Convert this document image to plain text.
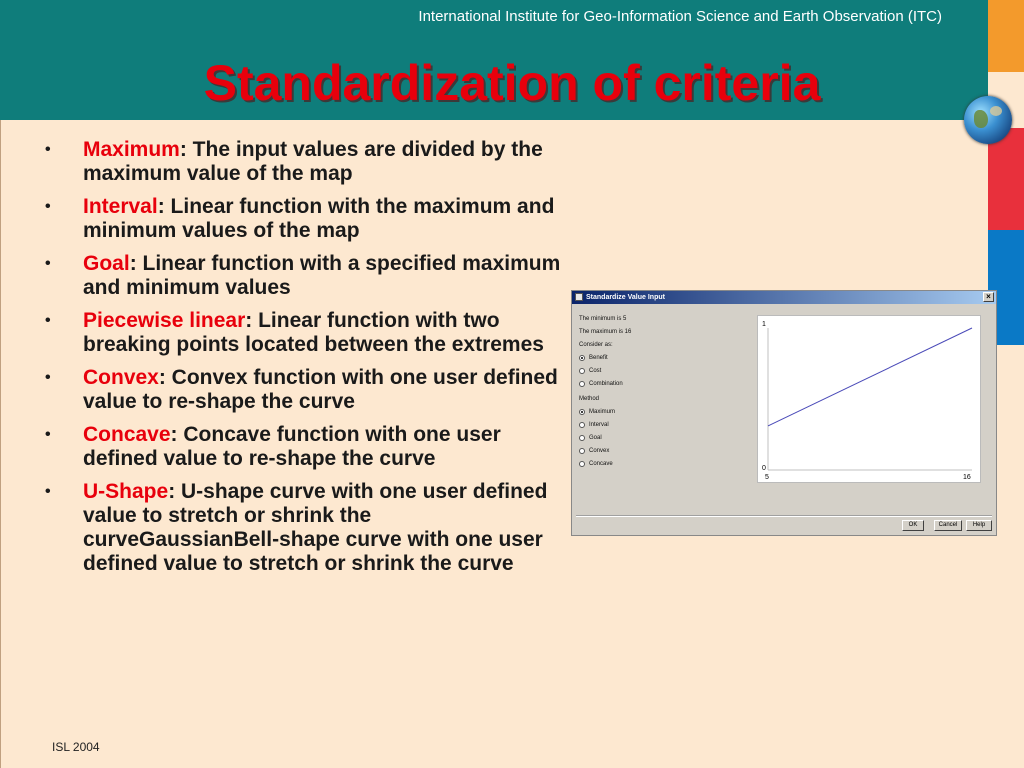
International Institute for Geo-Information Science and Earth Observation (ITC)
Standardization of criteria
• Maximum: The input values are divided by the maximum value of the map
• Interval: Linear function with the maximum and minimum values of the map
• Goal: Linear function with a specified maximum and minimum values
• Piecewise linear: Linear function with two breaking points located between the extremes
• Convex: Convex function with one user defined value to re-shape the curve
• Concave: Concave function with one user defined value to re-shape the curve
• U-Shape: U-shape curve with one user defined value to stretch or shrink the curveGaussianBell-shape curve with one user defined value to stretch or shrink the curve
ISL 2004
Standardize Value Input	×
The minimum is 5
The maximum is 16
Consider as:
Benefit
Cost
Combination
Method
Maximum
Interval
Goal
Convex
Concave
1
0
5	16
OK	Cancel	Help
